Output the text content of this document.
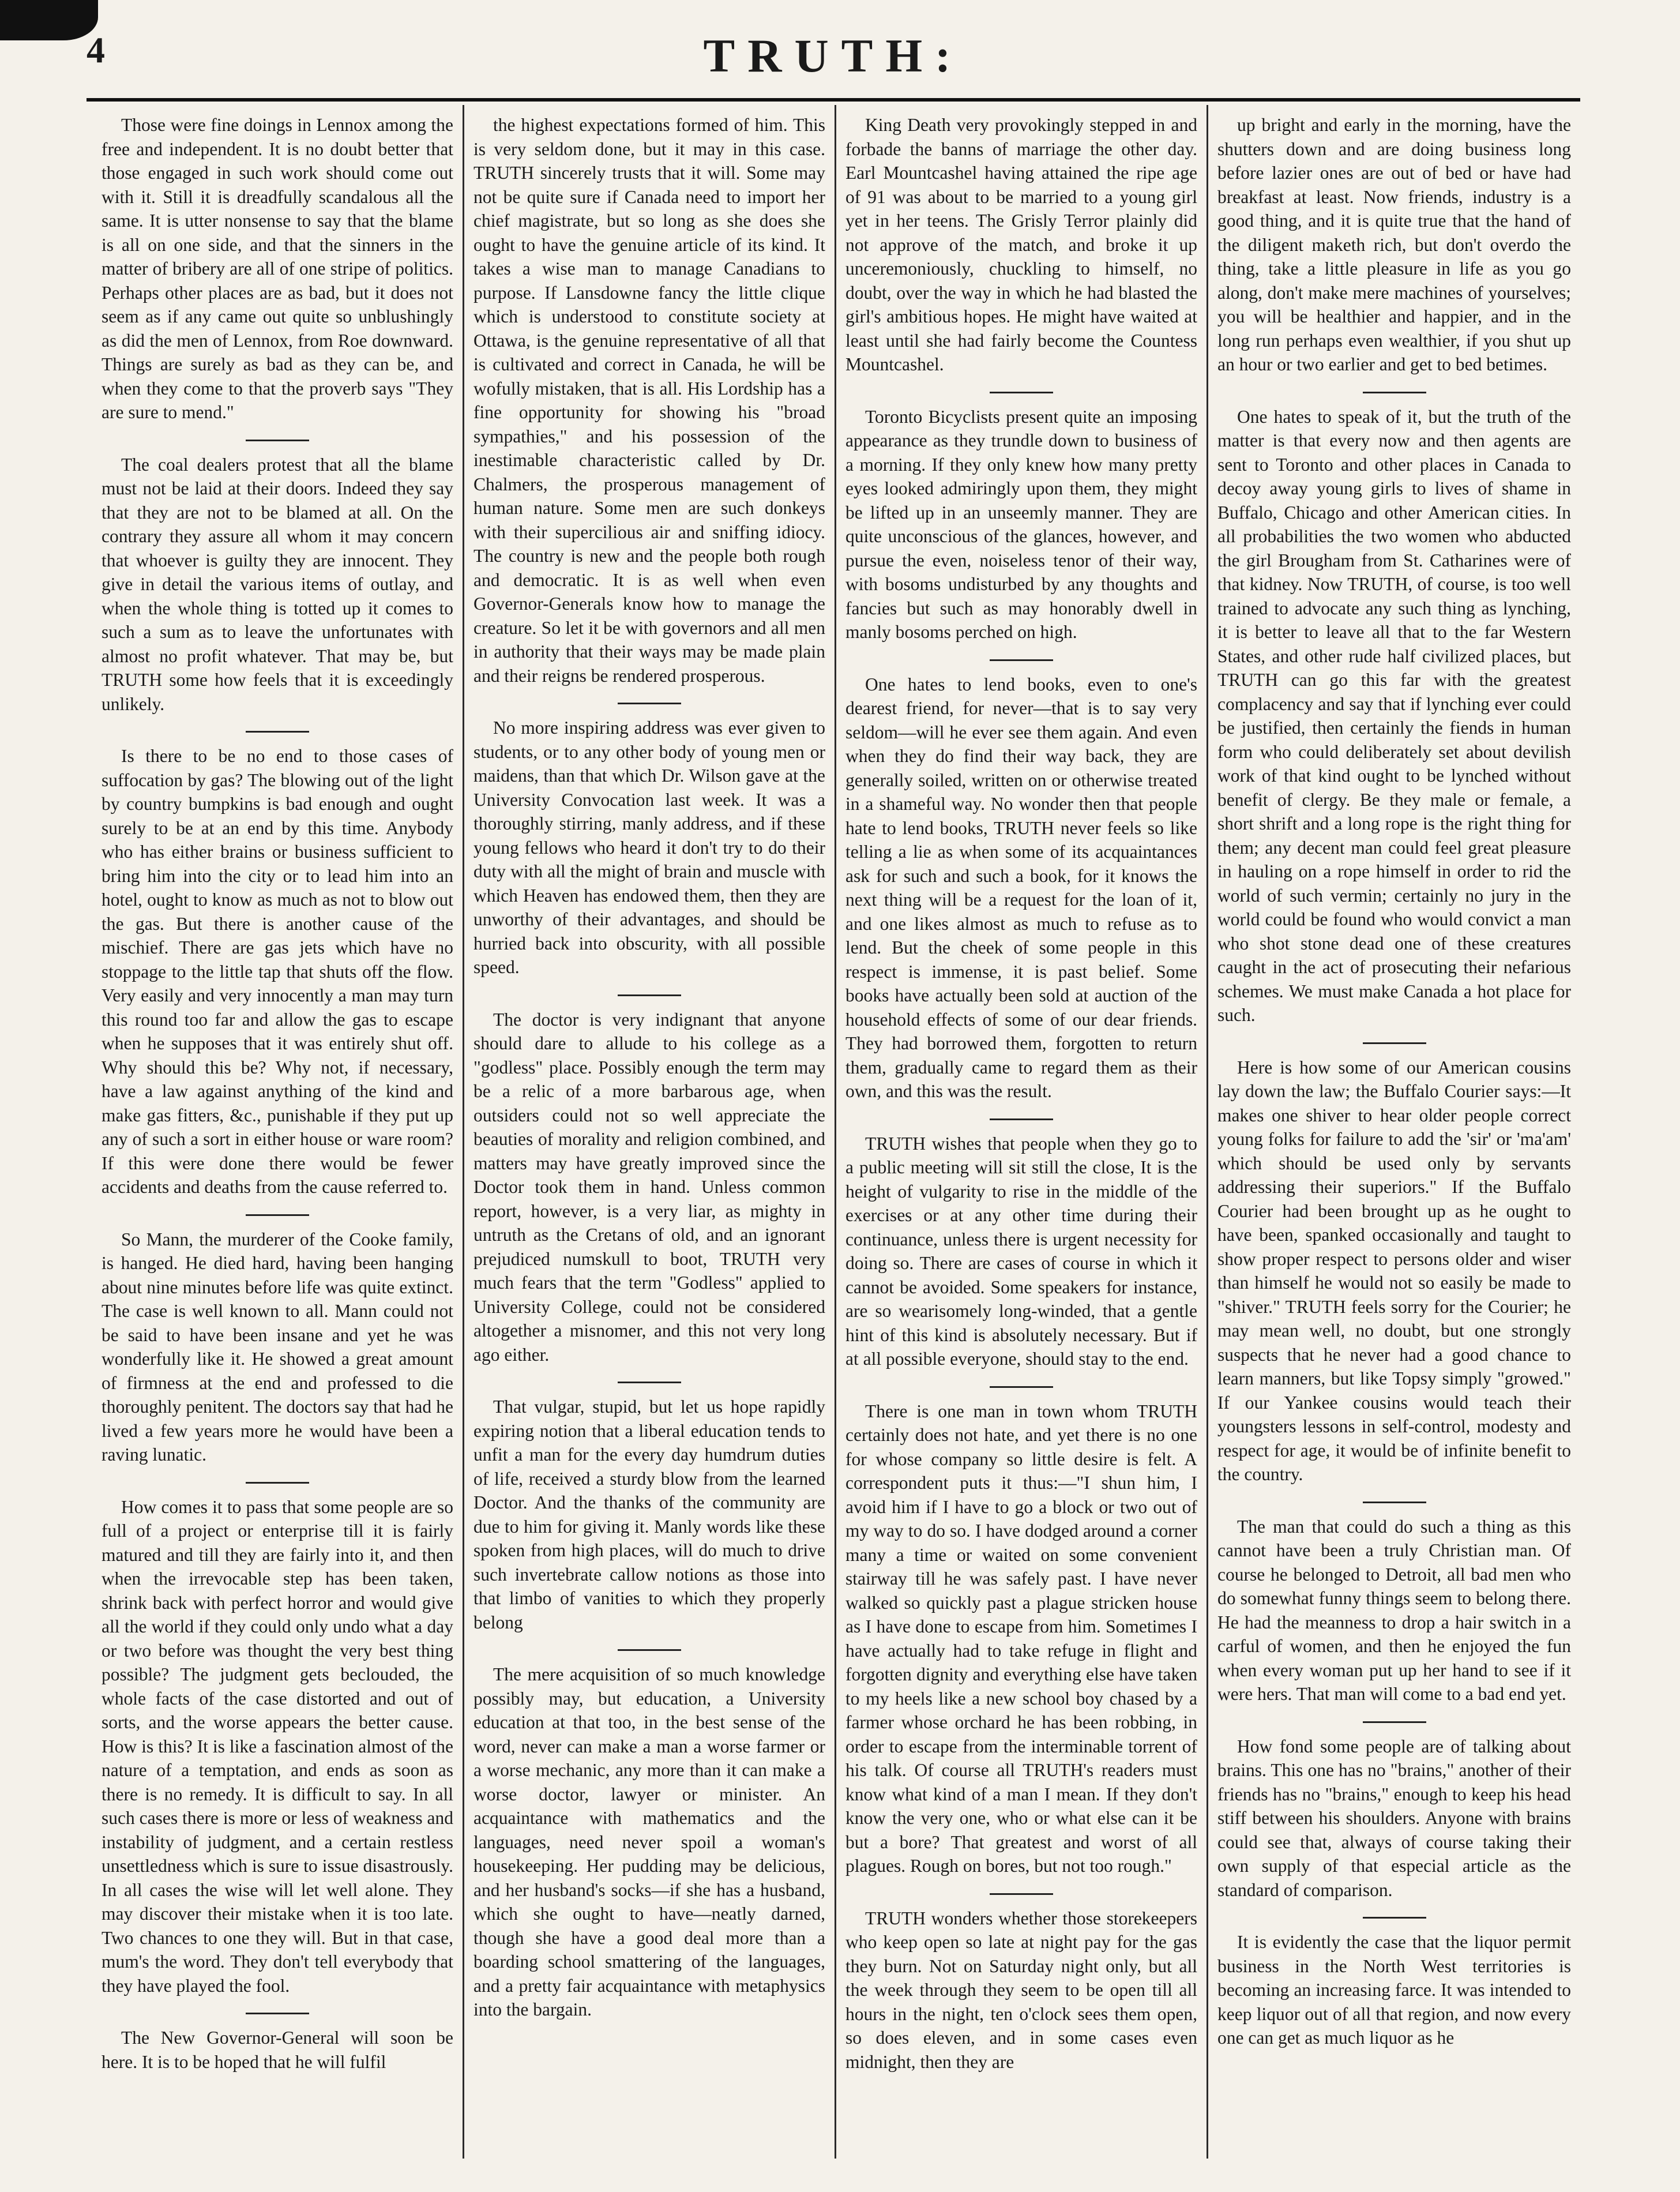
4	TRUTH:

Those were fine doings in Lennox among the free and independent. It is no doubt better that those engaged in such work should come out with it. Still it is dreadfully scandalous all the same. It is utter nonsense to say that the blame is all on one side, and that the sinners in the matter of bribery are all of one stripe of politics. Perhaps other places are as bad, but it does not seem as if any came out quite so unblushingly as did the men of Lennox, from Roe downward. Things are surely as bad as they can be, and when they come to that the proverb says "They are sure to mend."

The coal dealers protest that all the blame must not be laid at their doors. Indeed they say that they are not to be blamed at all. On the contrary they assure all whom it may concern that whoever is guilty they are innocent. They give in detail the various items of outlay, and when the whole thing is totted up it comes to such a sum as to leave the unfortunates with almost no profit whatever. That may be, but TRUTH some how feels that it is exceedingly unlikely.

Is there to be no end to those cases of suffocation by gas? The blowing out of the light by country bumpkins is bad enough and ought surely to be at an end by this time. Anybody who has either brains or business sufficient to bring him into the city or to lead him into an hotel, ought to know as much as not to blow out the gas. But there is another cause of the mischief. There are gas jets which have no stoppage to the little tap that shuts off the flow. Very easily and very innocently a man may turn this round too far and allow the gas to escape when he supposes that it was entirely shut off. Why should this be? Why not, if necessary, have a law against anything of the kind and make gas fitters, &c., punishable if they put up any of such a sort in either house or ware room? If this were done there would be fewer accidents and deaths from the cause referred to.

So Mann, the murderer of the Cooke family, is hanged. He died hard, having been hanging about nine minutes before life was quite extinct. The case is well known to all. Mann could not be said to have been insane and yet he was wonderfully like it. He showed a great amount of firmness at the end and professed to die thoroughly penitent. The doctors say that had he lived a few years more he would have been a raving lunatic.

How comes it to pass that some people are so full of a project or enterprise till it is fairly matured and till they are fairly into it, and then when the irrevocable step has been taken, shrink back with perfect horror and would give all the world if they could only undo what a day or two before was thought the very best thing possible? The judgment gets beclouded, the whole facts of the case distorted and out of sorts, and the worse appears the better cause. How is this? It is like a fascination almost of the nature of a temptation, and ends as soon as there is no remedy. It is difficult to say. In all such cases there is more or less of weakness and instability of judgment, and a certain restless unsettledness which is sure to issue disastrously. In all cases the wise will let well alone. They may discover their mistake when it is too late. Two chances to one they will. But in that case, mum's the word. They don't tell everybody that they have played the fool.

The New Governor-General will soon be here. It is to be hoped that he will fulfil

the highest expectations formed of him. This is very seldom done, but it may in this case. TRUTH sincerely trusts that it will. Some may not be quite sure if Canada need to import her chief magistrate, but so long as she does she ought to have the genuine article of its kind. It takes a wise man to manage Canadians to purpose. If Lansdowne fancy the little clique which is understood to constitute society at Ottawa, is the genuine representative of all that is cultivated and correct in Canada, he will be wofully mistaken, that is all. His Lordship has a fine opportunity for showing his "broad sympathies," and his possession of the inestimable characteristic called by Dr. Chalmers, the prosperous management of human nature. Some men are such donkeys with their supercilious air and sniffing idiocy. The country is new and the people both rough and democratic. It is as well when even Governor-Generals know how to manage the creature. So let it be with governors and all men in authority that their ways may be made plain and their reigns be rendered prosperous.

No more inspiring address was ever given to students, or to any other body of young men or maidens, than that which Dr. Wilson gave at the University Convocation last week. It was a thoroughly stirring, manly address, and if these young fellows who heard it don't try to do their duty with all the might of brain and muscle with which Heaven has endowed them, then they are unworthy of their advantages, and should be hurried back into obscurity, with all possible speed.

The doctor is very indignant that anyone should dare to allude to his college as a "godless" place. Possibly enough the term may be a relic of a more barbarous age, when outsiders could not so well appreciate the beauties of morality and religion combined, and matters may have greatly improved since the Doctor took them in hand. Unless common report, however, is a very liar, as mighty in untruth as the Cretans of old, and an ignorant prejudiced numskull to boot, TRUTH very much fears that the term "Godless" applied to University College, could not be considered altogether a misnomer, and this not very long ago either.

That vulgar, stupid, but let us hope rapidly expiring notion that a liberal education tends to unfit a man for the every day humdrum duties of life, received a sturdy blow from the learned Doctor. And the thanks of the community are due to him for giving it. Manly words like these spoken from high places, will do much to drive such invertebrate callow notions as those into that limbo of vanities to which they properly belong

The mere acquisition of so much knowledge possibly may, but education, a University education at that too, in the best sense of the word, never can make a man a worse farmer or a worse mechanic, any more than it can make a worse doctor, lawyer or minister. An acquaintance with mathematics and the languages, need never spoil a woman's housekeeping. Her pudding may be delicious, and her husband's socks—if she has a husband, which she ought to have—neatly darned, though she have a good deal more than a boarding school smattering of the languages, and a pretty fair acquaintance with metaphysics into the bargain.

King Death very provokingly stepped in and forbade the banns of marriage the other day. Earl Mountcashel having attained the ripe age of 91 was about to be married to a young girl yet in her teens. The Grisly Terror plainly did not approve of the match, and broke it up unceremoniously, chuckling to himself, no doubt, over the way in which he had blasted the girl's ambitious hopes. He might have waited at least until she had fairly become the Countess Mountcashel.

Toronto Bicyclists present quite an imposing appearance as they trundle down to business of a morning. If they only knew how many pretty eyes looked admiringly upon them, they might be lifted up in an unseemly manner. They are quite unconscious of the glances, however, and pursue the even, noiseless tenor of their way, with bosoms undisturbed by any thoughts and fancies but such as may honorably dwell in manly bosoms perched on high.

One hates to lend books, even to one's dearest friend, for never—that is to say very seldom—will he ever see them again. And even when they do find their way back, they are generally soiled, written on or otherwise treated in a shameful way. No wonder then that people hate to lend books, TRUTH never feels so like telling a lie as when some of its acquaintances ask for such and such a book, for it knows the next thing will be a request for the loan of it, and one likes almost as much to refuse as to lend. But the cheek of some people in this respect is immense, it is past belief. Some books have actually been sold at auction of the household effects of some of our dear friends. They had borrowed them, forgotten to return them, gradually came to regard them as their own, and this was the result.

TRUTH wishes that people when they go to a public meeting will sit still the close, It is the height of vulgarity to rise in the middle of the exercises or at any other time during their continuance, unless there is urgent necessity for doing so. There are cases of course in which it cannot be avoided. Some speakers for instance, are so wearisomely long-winded, that a gentle hint of this kind is absolutely necessary. But if at all possible everyone, should stay to the end.

There is one man in town whom TRUTH certainly does not hate, and yet there is no one for whose company so little desire is felt. A correspondent puts it thus:—"I shun him, I avoid him if I have to go a block or two out of my way to do so. I have dodged around a corner many a time or waited on some convenient stairway till he was safely past. I have never walked so quickly past a plague stricken house as I have done to escape from him. Sometimes I have actually had to take refuge in flight and forgotten dignity and everything else have taken to my heels like a new school boy chased by a farmer whose orchard he has been robbing, in order to escape from the interminable torrent of his talk. Of course all TRUTH's readers must know what kind of a man I mean. If they don't know the very one, who or what else can it be but a bore? That greatest and worst of all plagues. Rough on bores, but not too rough."

TRUTH wonders whether those storekeepers who keep open so late at night pay for the gas they burn. Not on Saturday night only, but all the week through they seem to be open till all hours in the night, ten o'clock sees them open, so does eleven, and in some cases even midnight, then they are

up bright and early in the morning, have the shutters down and are doing business long before lazier ones are out of bed or have had breakfast at least. Now friends, industry is a good thing, and it is quite true that the hand of the diligent maketh rich, but don't overdo the thing, take a little pleasure in life as you go along, don't make mere machines of yourselves; you will be healthier and happier, and in the long run perhaps even wealthier, if you shut up an hour or two earlier and get to bed betimes.

One hates to speak of it, but the truth of the matter is that every now and then agents are sent to Toronto and other places in Canada to decoy away young girls to lives of shame in Buffalo, Chicago and other American cities. In all probabilities the two women who abducted the girl Brougham from St. Catharines were of that kidney. Now TRUTH, of course, is too well trained to advocate any such thing as lynching, it is better to leave all that to the far Western States, and other rude half civilized places, but TRUTH can go this far with the greatest complacency and say that if lynching ever could be justified, then certainly the fiends in human form who could deliberately set about devilish work of that kind ought to be lynched without benefit of clergy. Be they male or female, a short shrift and a long rope is the right thing for them; any decent man could feel great pleasure in hauling on a rope himself in order to rid the world of such vermin; certainly no jury in the world could be found who would convict a man who shot stone dead one of these creatures caught in the act of prosecuting their nefarious schemes. We must make Canada a hot place for such.

Here is how some of our American cousins lay down the law; the Buffalo Courier says:—It makes one shiver to hear older people correct young folks for failure to add the 'sir' or 'ma'am' which should be used only by servants addressing their superiors." If the Buffalo Courier had been brought up as he ought to have been, spanked occasionally and taught to show proper respect to persons older and wiser than himself he would not so easily be made to "shiver." TRUTH feels sorry for the Courier; he may mean well, no doubt, but one strongly suspects that he never had a good chance to learn manners, but like Topsy simply "growed." If our Yankee cousins would teach their youngsters lessons in self-control, modesty and respect for age, it would be of infinite benefit to the country.

The man that could do such a thing as this cannot have been a truly Christian man. Of course he belonged to Detroit, all bad men who do somewhat funny things seem to belong there. He had the meanness to drop a hair switch in a carful of women, and then he enjoyed the fun when every woman put up her hand to see if it were hers. That man will come to a bad end yet.

How fond some people are of talking about brains. This one has no "brains," another of their friends has no "brains," enough to keep his head stiff between his shoulders. Anyone with brains could see that, always of course taking their own supply of that especial article as the standard of comparison.

It is evidently the case that the liquor permit business in the North West territories is becoming an increasing farce. It was intended to keep liquor out of all that region, and now every one can get as much liquor as he
